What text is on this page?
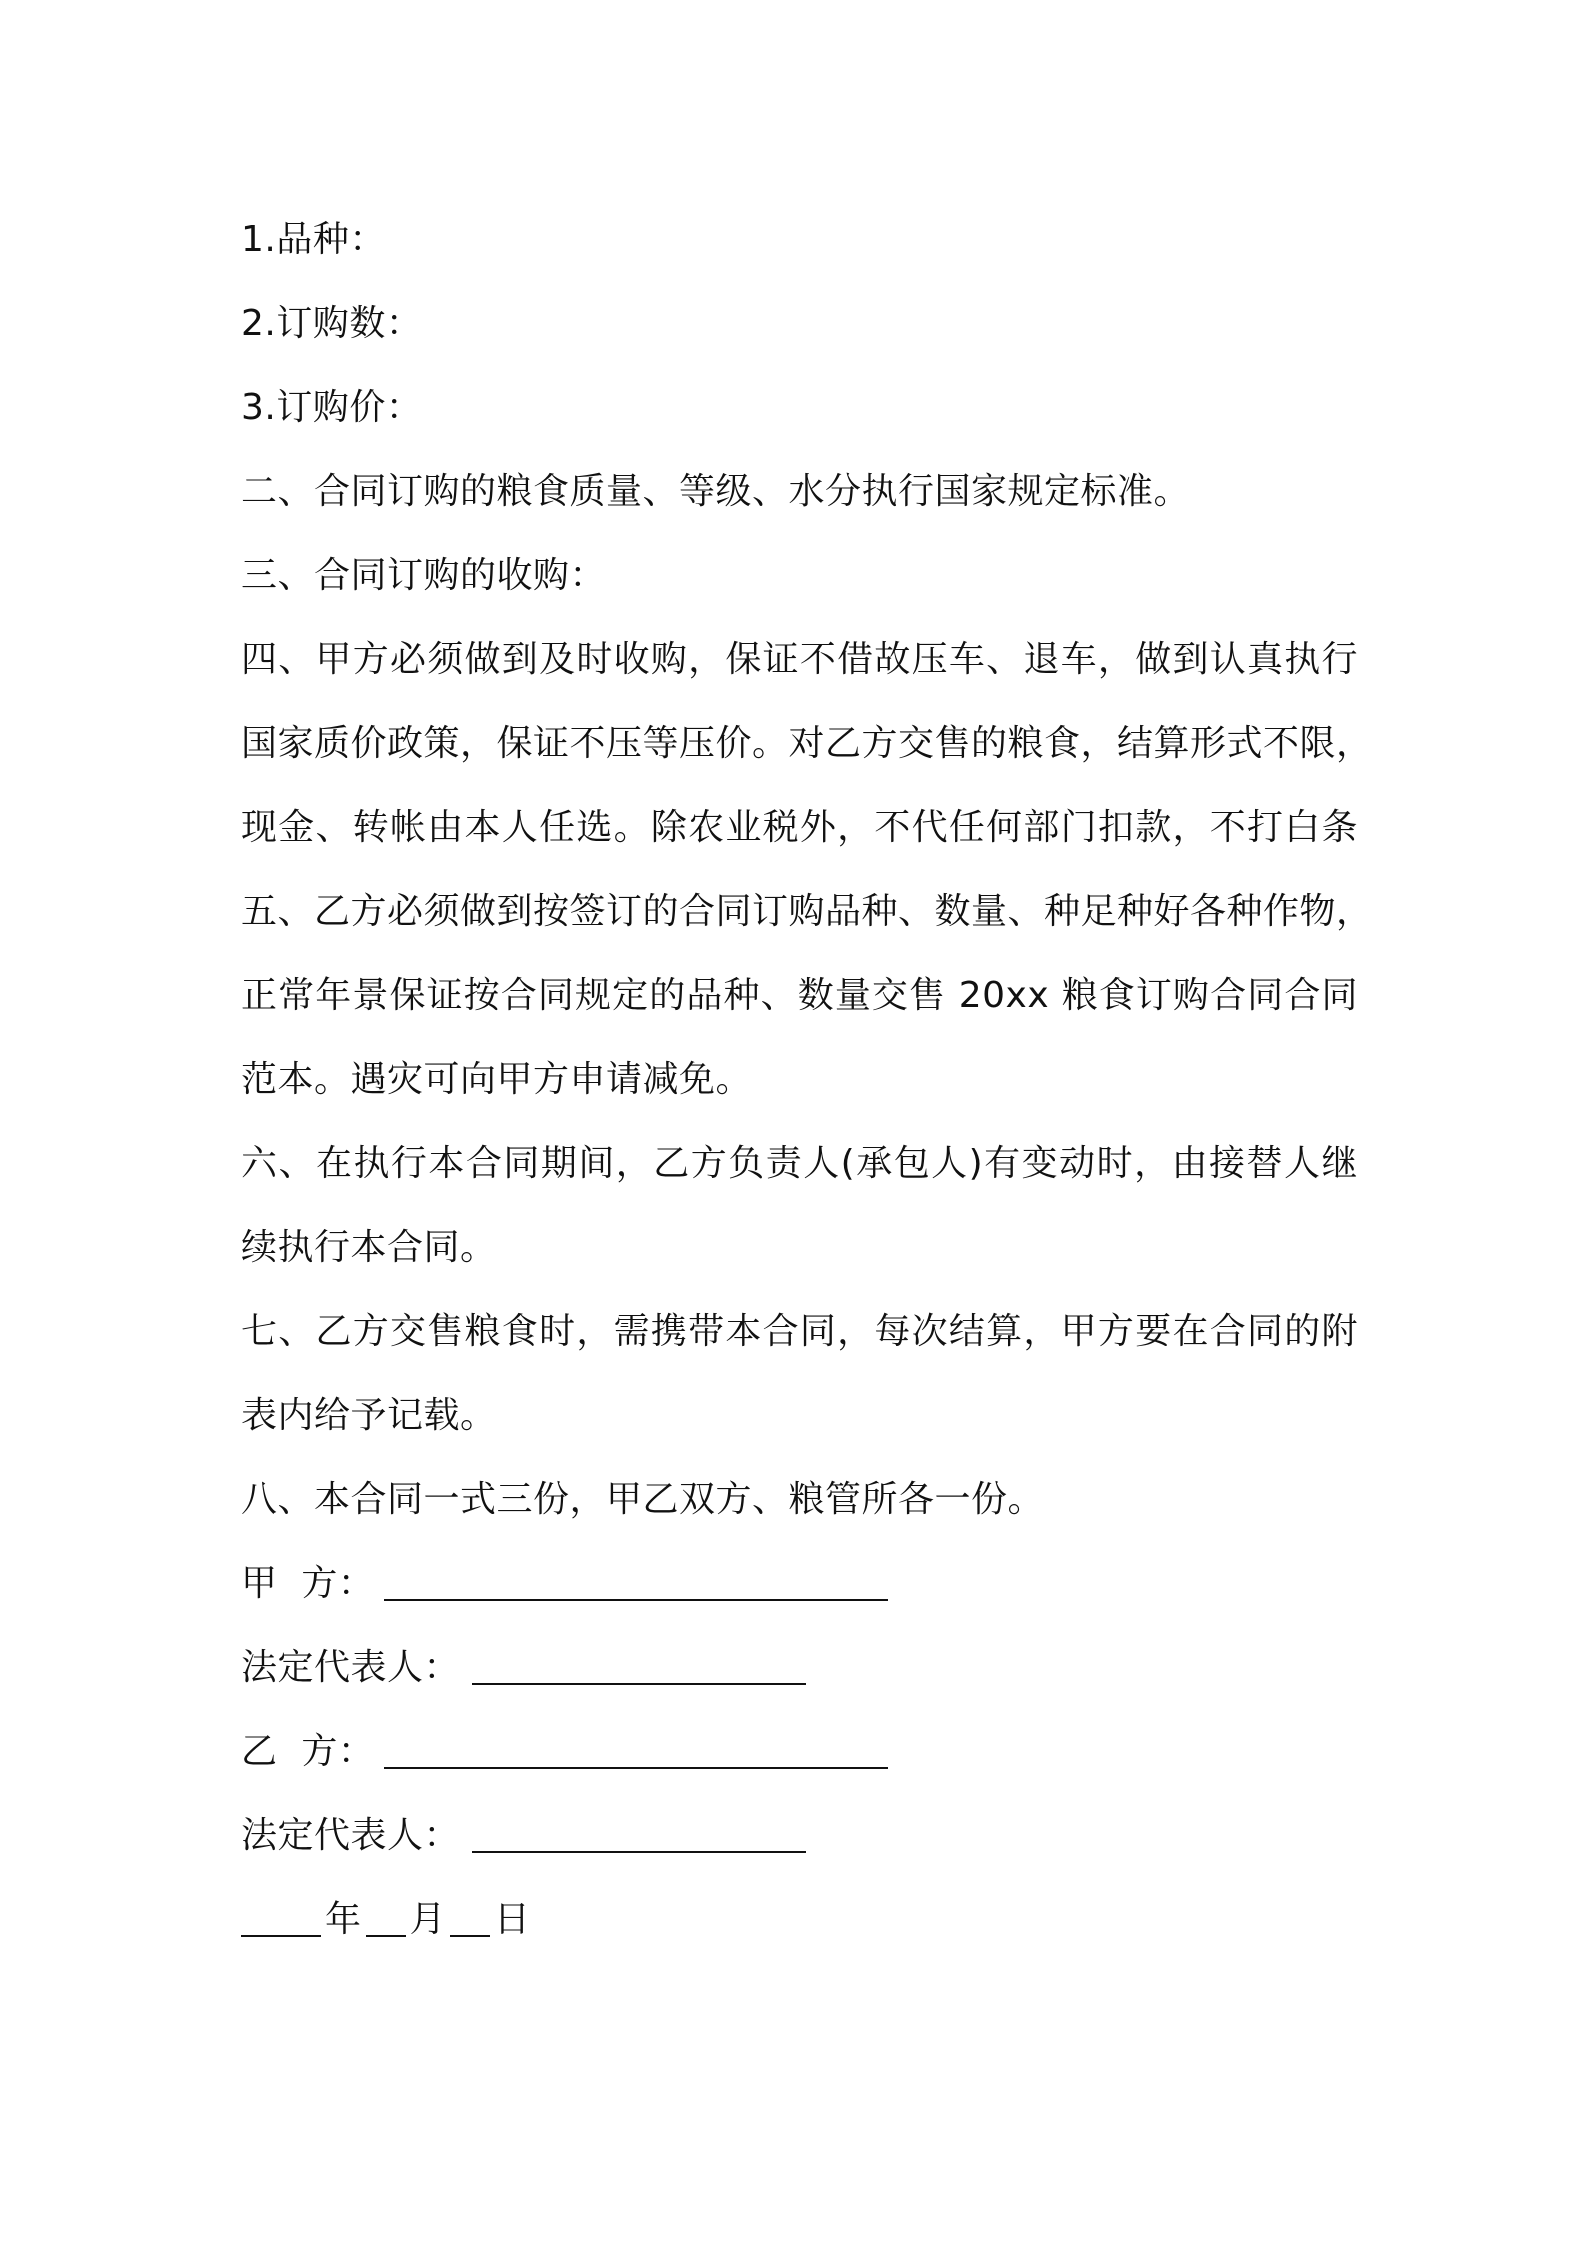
1.品种：
2.订购数：
3.订购价：
二、合同订购的粮食质量、等级、水分执行国家规定标准。
三、合同订购的收购：
四、甲方必须做到及时收购，保证不借故压车、退车，做到认真执行
国家质价政策，保证不压等压价。对乙方交售的粮食，结算形式不限，
现金、转帐由本人任选。除农业税外，不代任何部门扣款，不打白条
五、乙方必须做到按签订的合同订购品种、数量、种足种好各种作物，
正常年景保证按合同规定的品种、数量交售 20xx 粮食订购合同合同
范本。遇灾可向甲方申请减免。
六、在执行本合同期间，乙方负责人(承包人)有变动时，由接替人继
续执行本合同。
七、乙方交售粮食时，需携带本合同，每次结算，甲方要在合同的附
表内给予记载。
八、本合同一式三份，甲乙双方、粮管所各一份。
甲  方：
法定代表人：
乙  方：
法定代表人：
年 月 日
